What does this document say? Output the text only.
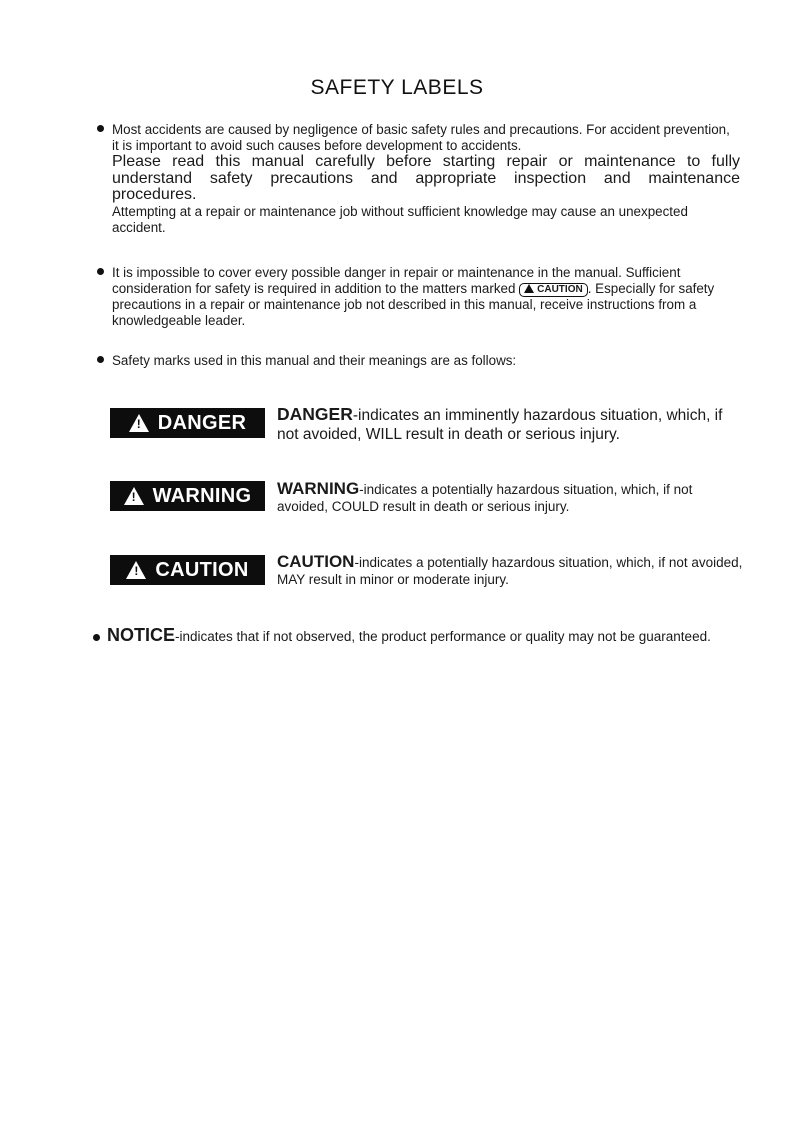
SAFETY LABELS
Most accidents are caused by negligence of basic safety rules and precautions. For accident prevention, it is important to avoid such causes before development to accidents.
Please read this manual carefully before starting repair or maintenance to fully
understand safety precautions and appropriate inspection and maintenance
procedures.
Attempting at a repair or maintenance job without sufficient knowledge may cause an unexpected accident.
It is impossible to cover every possible danger in repair or maintenance in the manual. Sufficient consideration for safety is required in addition to the matters marked CAUTION . Especially for safety precautions in a repair or maintenance job not described in this manual, receive instructions from a knowledgeable leader.
Safety marks used in this manual and their meanings are as follows:
!
DANGER DANGER-indicates an imminently hazardous situation, which, if not avoided, WILL result in death or serious injury.
!
WARNING WARNING-indicates a potentially hazardous situation, which, if not avoided, COULD result in death or serious injury.
!
CAUTION CAUTION-indicates a potentially hazardous situation, which, if not avoided, MAY result in minor or moderate injury.
NOTICE-indicates that if not observed, the product performance or quality may not be guaranteed.
